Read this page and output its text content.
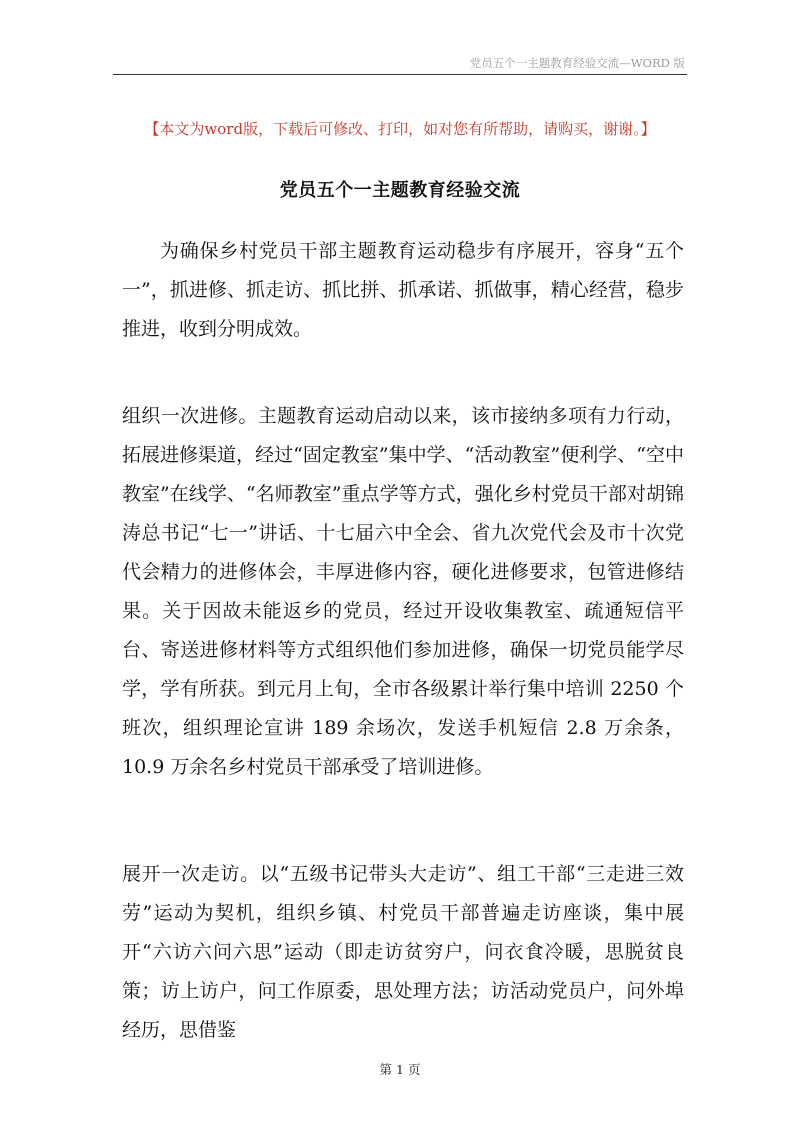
党员五个一主题教育经验交流—WORD 版
【本文为word版，下载后可修改、打印，如对您有所帮助，请购买，谢谢。】
党员五个一主题教育经验交流

为确保乡村党员干部主题教育运动稳步有序展开，容身“五个一”，抓进修、抓走访、抓比拼、抓承诺、抓做事，精心经营，稳步推进，收到分明成效。

组织一次进修。主题教育运动启动以来，该市接纳多项有力行动，拓展进修渠道，经过“固定教室”集中学、“活动教室”便利学、“空中教室”在线学、“名师教室”重点学等方式，强化乡村党员干部对胡锦涛总书记“七一”讲话、十七届六中全会、省九次党代会及市十次党代会精力的进修体会，丰厚进修内容，硬化进修要求，包管进修结果。关于因故未能返乡的党员，经过开设收集教室、疏通短信平台、寄送进修材料等方式组织他们参加进修，确保一切党员能学尽学，学有所获。到元月上旬，全市各级累计举行集中培训 2250 个班次，组织理论宣讲 189 余场次，发送手机短信 2.8 万余条，10.9 万余名乡村党员干部承受了培训进修。

展开一次走访。以“五级书记带头大走访”、组工干部“三走进三效劳”运动为契机，组织乡镇、村党员干部普遍走访座谈，集中展开“六访六问六思”运动（即走访贫穷户，问衣食冷暖，思脱贫良策；访上访户，问工作原委，思处理方法；访活动党员户，问外埠经历，思借鉴

第 1 页
